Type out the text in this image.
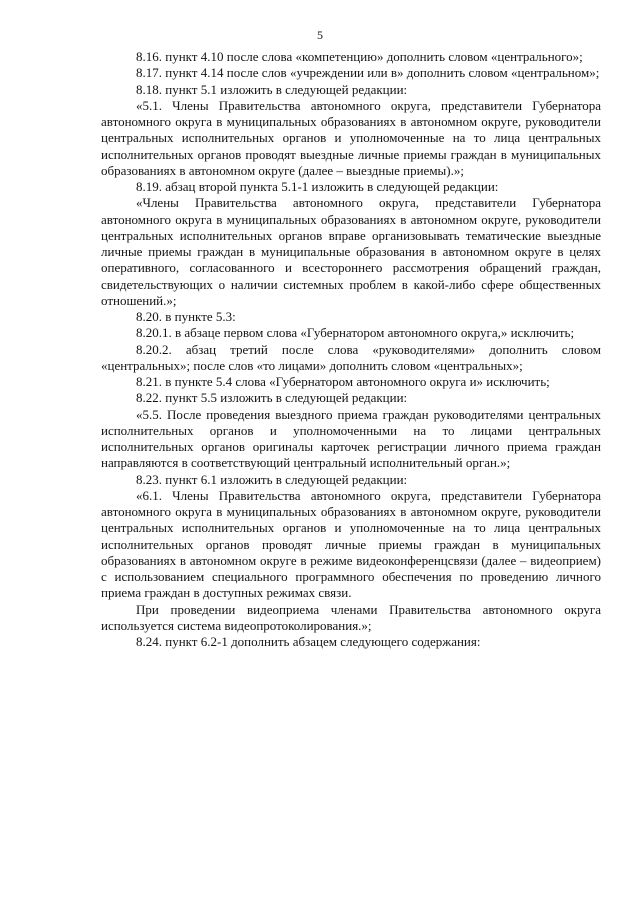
5

8.16. пункт 4.10 после слова «компетенцию» дополнить словом «центрального»;

8.17. пункт 4.14 после слов «учреждении или в» дополнить словом «центральном»;

8.18. пункт 5.1 изложить в следующей редакции:

«5.1. Члены Правительства автономного округа, представители Губернатора автономного округа в муниципальных образованиях в автономном округе, руководители центральных исполнительных органов и уполномоченные на то лица центральных исполнительных органов проводят выездные личные приемы граждан в муниципальных образованиях в автономном округе (далее – выездные приемы).»;

8.19. абзац второй пункта 5.1-1 изложить в следующей редакции:

«Члены Правительства автономного округа, представители Губернатора автономного округа в муниципальных образованиях в автономном округе, руководители центральных исполнительных органов вправе организовывать тематические выездные личные приемы граждан в муниципальные образования в автономном округе в целях оперативного, согласованного и всестороннего рассмотрения обращений граждан, свидетельствующих о наличии системных проблем в какой-либо сфере общественных отношений.»;

8.20. в пункте 5.3:

8.20.1. в абзаце первом слова «Губернатором автономного округа,» исключить;

8.20.2. абзац третий после слова «руководителями» дополнить словом «центральных»; после слов «то лицами» дополнить словом «центральных»;

8.21. в пункте 5.4 слова «Губернатором автономного округа и» исключить;

8.22. пункт 5.5 изложить в следующей редакции:

«5.5. После проведения выездного приема граждан руководителями центральных исполнительных органов и уполномоченными на то лицами центральных исполнительных органов оригиналы карточек регистрации личного приема граждан направляются в соответствующий центральный исполнительный орган.»;

8.23. пункт 6.1 изложить в следующей редакции:

«6.1. Члены Правительства автономного округа, представители Губернатора автономного округа в муниципальных образованиях в автономном округе, руководители центральных исполнительных органов и уполномоченные на то лица центральных исполнительных органов проводят личные приемы граждан в муниципальных образованиях в автономном округе в режиме видеоконференцсвязи (далее – видеоприем) с использованием специального программного обеспечения по проведению личного приема граждан в доступных режимах связи.

При проведении видеоприема членами Правительства автономного округа используется система видеопротоколирования.»;

8.24. пункт 6.2-1 дополнить абзацем следующего содержания:
